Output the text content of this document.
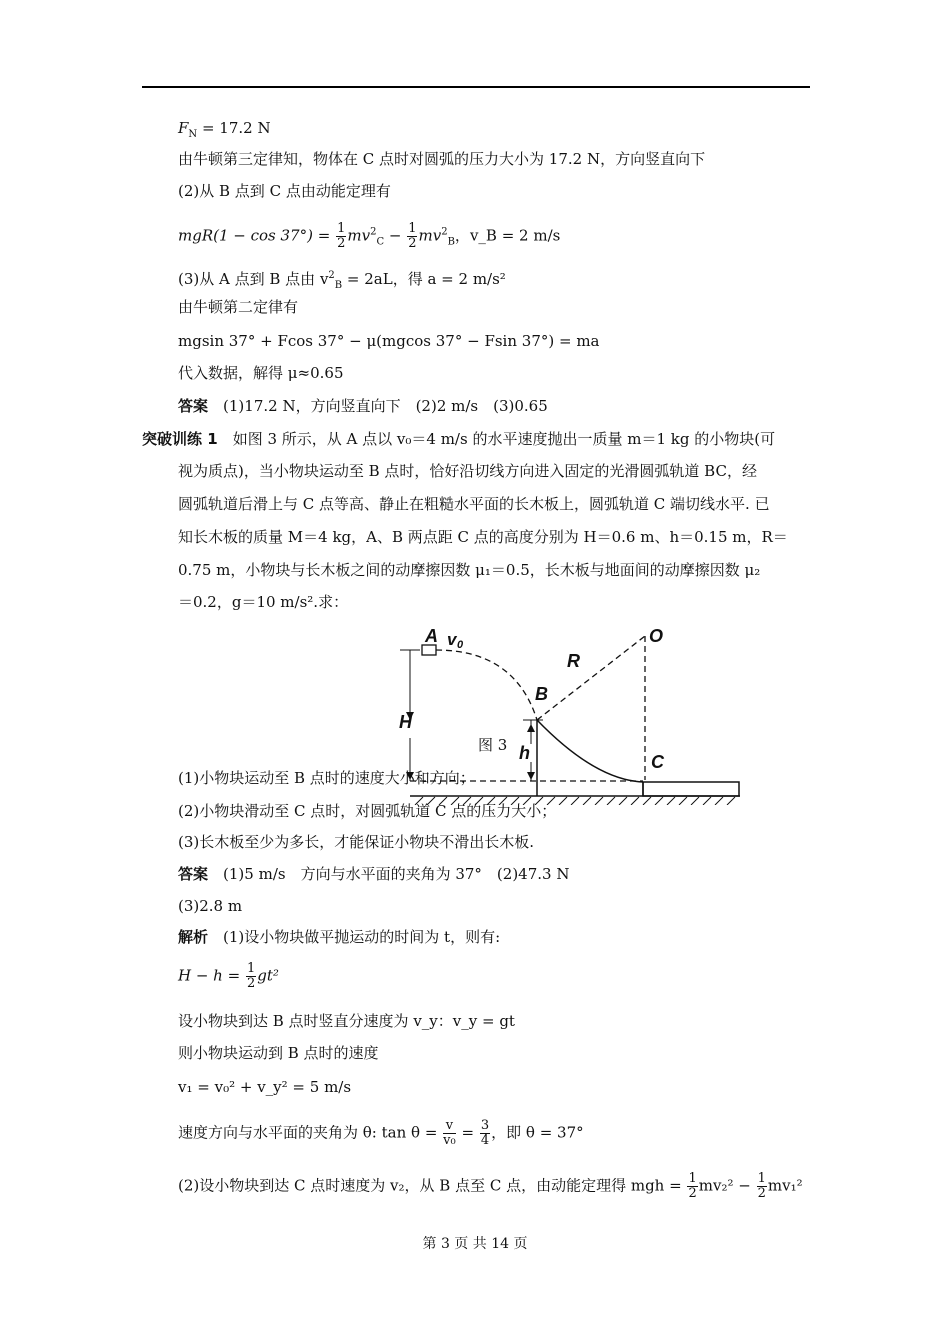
$F_N = 17.2$ N
由牛顿第三定律知，物体在 C 点时对圆弧的压力大小为 17.2 N，方向竖直向下
(2)从 B 点到 C 点由动能定理有
$mgR(1 - \cos 37^\circ) = \frac{1}{2} mv^2_C - \frac{1}{2} mv^2_B$，v_B = 2 m/s
(3)从 A 点到 B 点由 $v^2_B = 2aL$，得 a = 2 m/s²
由牛顿第二定律有
mgsin 37° + Fcos 37° − μ(mgcos 37° − Fsin 37°) = ma
代入数据，解得 μ≈0.65
答案　 (1)17.2 N，方向竖直向下　(2)2 m/s　(3)0.65
突破训练 1　 如图 3 所示，从 A 点以 v₀＝4 m/s 的水平速度抛出一质量 m＝1 kg 的小物块(可
视为质点)，当小物块运动至 B 点时，恰好沿切线方向进入固定的光滑圆弧轨道 BC，经
圆弧轨道后滑上与 C 点等高、静止在粗糙水平面的长木板上，圆弧轨道 C 端切线水平. 已
知长木板的质量 M＝4 kg，A、B 两点距 C 点的高度分别为 H＝0.6 m、h＝0.15 m，R＝
0.75 m，小物块与长木板之间的动摩擦因数 μ₁＝0.5，长木板与地面间的动摩擦因数 μ₂
＝0.2，g＝10 m/s².求：
A v 0	O
R
B
H
h	C
图 3
(1)小物块运动至 B 点时的速度大小和方向；
(2)小物块滑动至 C 点时，对圆弧轨道 C 点的压力大小；
(3)长木板至少为多长，才能保证小物块不滑出长木板.
答案　 (1)5 m/s　方向与水平面的夹角为 37°　(2)47.3 N
(3)2.8 m
解析　 (1)设小物块做平抛运动的时间为 t，则有:
$H - h = \frac{1}{2} gt^2$
设小物块到达 B 点时竖直分速度为 v_y：v_y = gt
则小物块运动到 B 点时的速度
v₁ = v₀² + v_y² = 5 m/s
速度方向与水平面的夹角为 θ: $\tan \theta = \frac{v}{\text{v₀}} = \frac{3}{4}$ ，即 θ = 37°
(2)设小物块到达 C 点时速度为 v₂，从 B 点至 C 点，由动能定理得 mgh = $\frac{1}{2} mv_2^2 - \frac{1}{2} mv_1^2$
第 3 页 共 14 页
